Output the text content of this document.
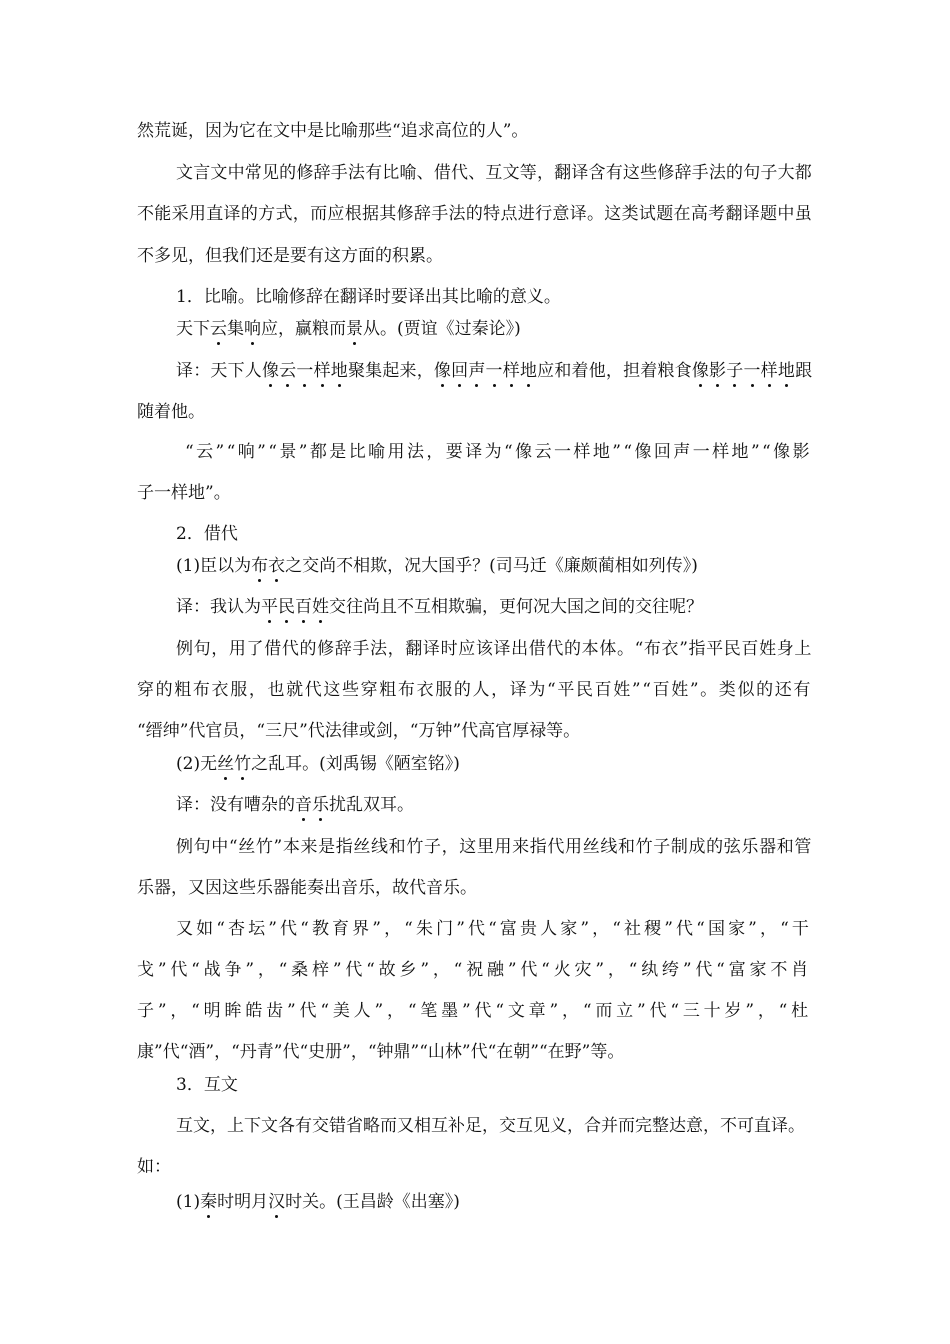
然荒诞，因为它在文中是比喻那些“追求高位的人”。
文言文中常见的修辞手法有比喻、借代、互文等，翻译含有这些修辞手法的句子大都
不能采用直译的方式，而应根据其修辞手法的特点进行意译。这类试题在高考翻译题中虽
不多见，但我们还是要有这方面的积累。
1．比喻。比喻修辞在翻译时要译出其比喻的意义。
天下云集响应，赢粮而景从。(贾谊《过秦论》)
译：天下人像云一样地聚集起来，像回声一样地应和着他，担着粮食像影子一样地跟
随着他。
“云”“响”“景”都是比喻用法，要译为“像云一样地”“像回声一样地”“像影
子一样地”。
2．借代
(1)臣以为布衣之交尚不相欺，况大国乎？(司马迁《廉颇蔺相如列传》)
译：我认为平民百姓交往尚且不互相欺骗，更何况大国之间的交往呢？
例句，用了借代的修辞手法，翻译时应该译出借代的本体。“布衣”指平民百姓身上
穿的粗布衣服，也就代这些穿粗布衣服的人，译为“平民百姓”“百姓”。类似的还有
“缙绅”代官员，“三尺”代法律或剑，“万钟”代高官厚禄等。
(2)无丝竹之乱耳。(刘禹锡《陋室铭》)
译：没有嘈杂的音乐扰乱双耳。
例句中“丝竹”本来是指丝线和竹子，这里用来指代用丝线和竹子制成的弦乐器和管
乐器，又因这些乐器能奏出音乐，故代音乐。
又如“杏坛”代“教育界”，“朱门”代“富贵人家”，“社稷”代“国家”，“干
戈”代“战争”，“桑梓”代“故乡”，“祝融”代“火灾”，“纨绔”代“富家不肖
子”，“明眸皓齿”代“美人”，“笔墨”代“文章”，“而立”代“三十岁”，“杜
康”代“酒”，“丹青”代“史册”，“钟鼎”“山林”代“在朝”“在野”等。
3．互文
互文，上下文各有交错省略而又相互补足，交互见义，合并而完整达意，不可直译。
如：
(1)秦时明月汉时关。(王昌龄《出塞》)
